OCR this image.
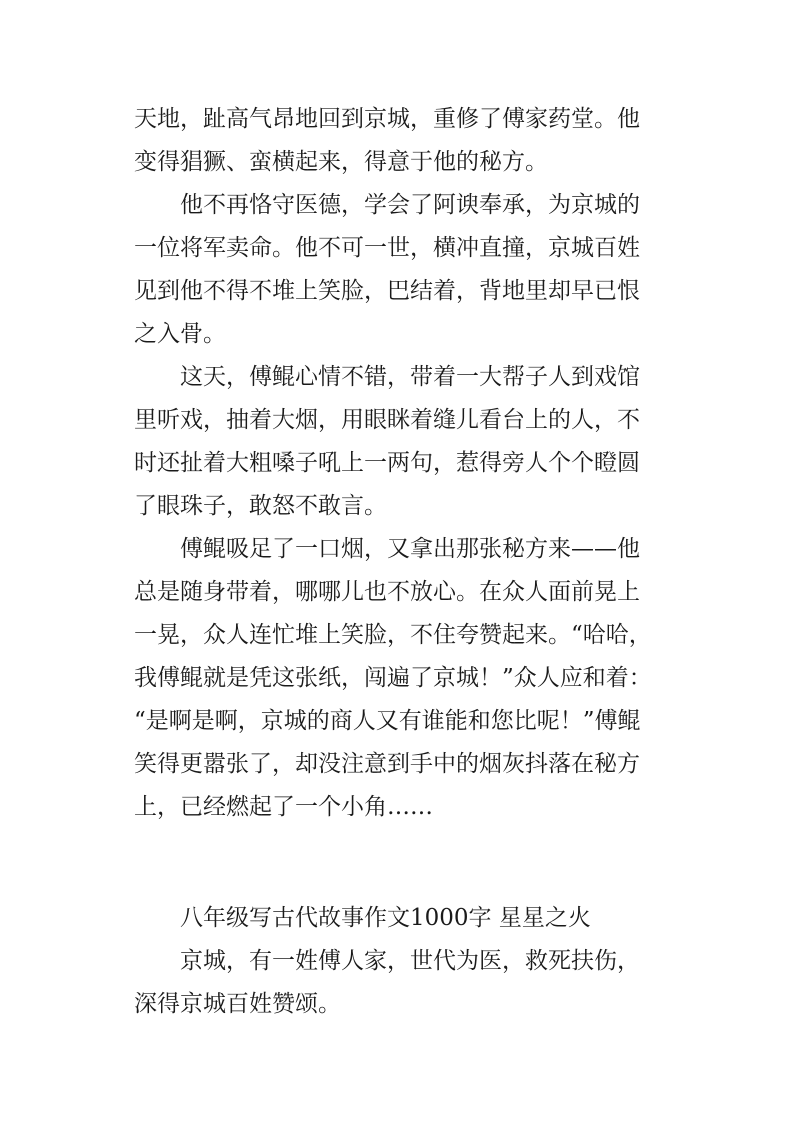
天地，趾高气昂地回到京城，重修了傅家药堂。他
变得猖獗、蛮横起来，得意于他的秘方。
他不再恪守医德，学会了阿谀奉承，为京城的
一位将军卖命。他不可一世，横冲直撞，京城百姓
见到他不得不堆上笑脸，巴结着，背地里却早已恨
之入骨。
这天，傅鲲心情不错，带着一大帮子人到戏馆
里听戏，抽着大烟，用眼眯着缝儿看台上的人，不
时还扯着大粗嗓子吼上一两句，惹得旁人个个瞪圆
了眼珠子，敢怒不敢言。
傅鲲吸足了一口烟，又拿出那张秘方来——他
总是随身带着，哪哪儿也不放心。在众人面前晃上
一晃，众人连忙堆上笑脸，不住夸赞起来。“哈哈，
我傅鲲就是凭这张纸，闯遍了京城！”众人应和着：
“是啊是啊，京城的商人又有谁能和您比呢！”傅鲲
笑得更嚣张了，却没注意到手中的烟灰抖落在秘方
上，已经燃起了一个小角……
八年级写古代故事作文1000字 星星之火
京城，有一姓傅人家，世代为医，救死扶伤，
深得京城百姓赞颂。
